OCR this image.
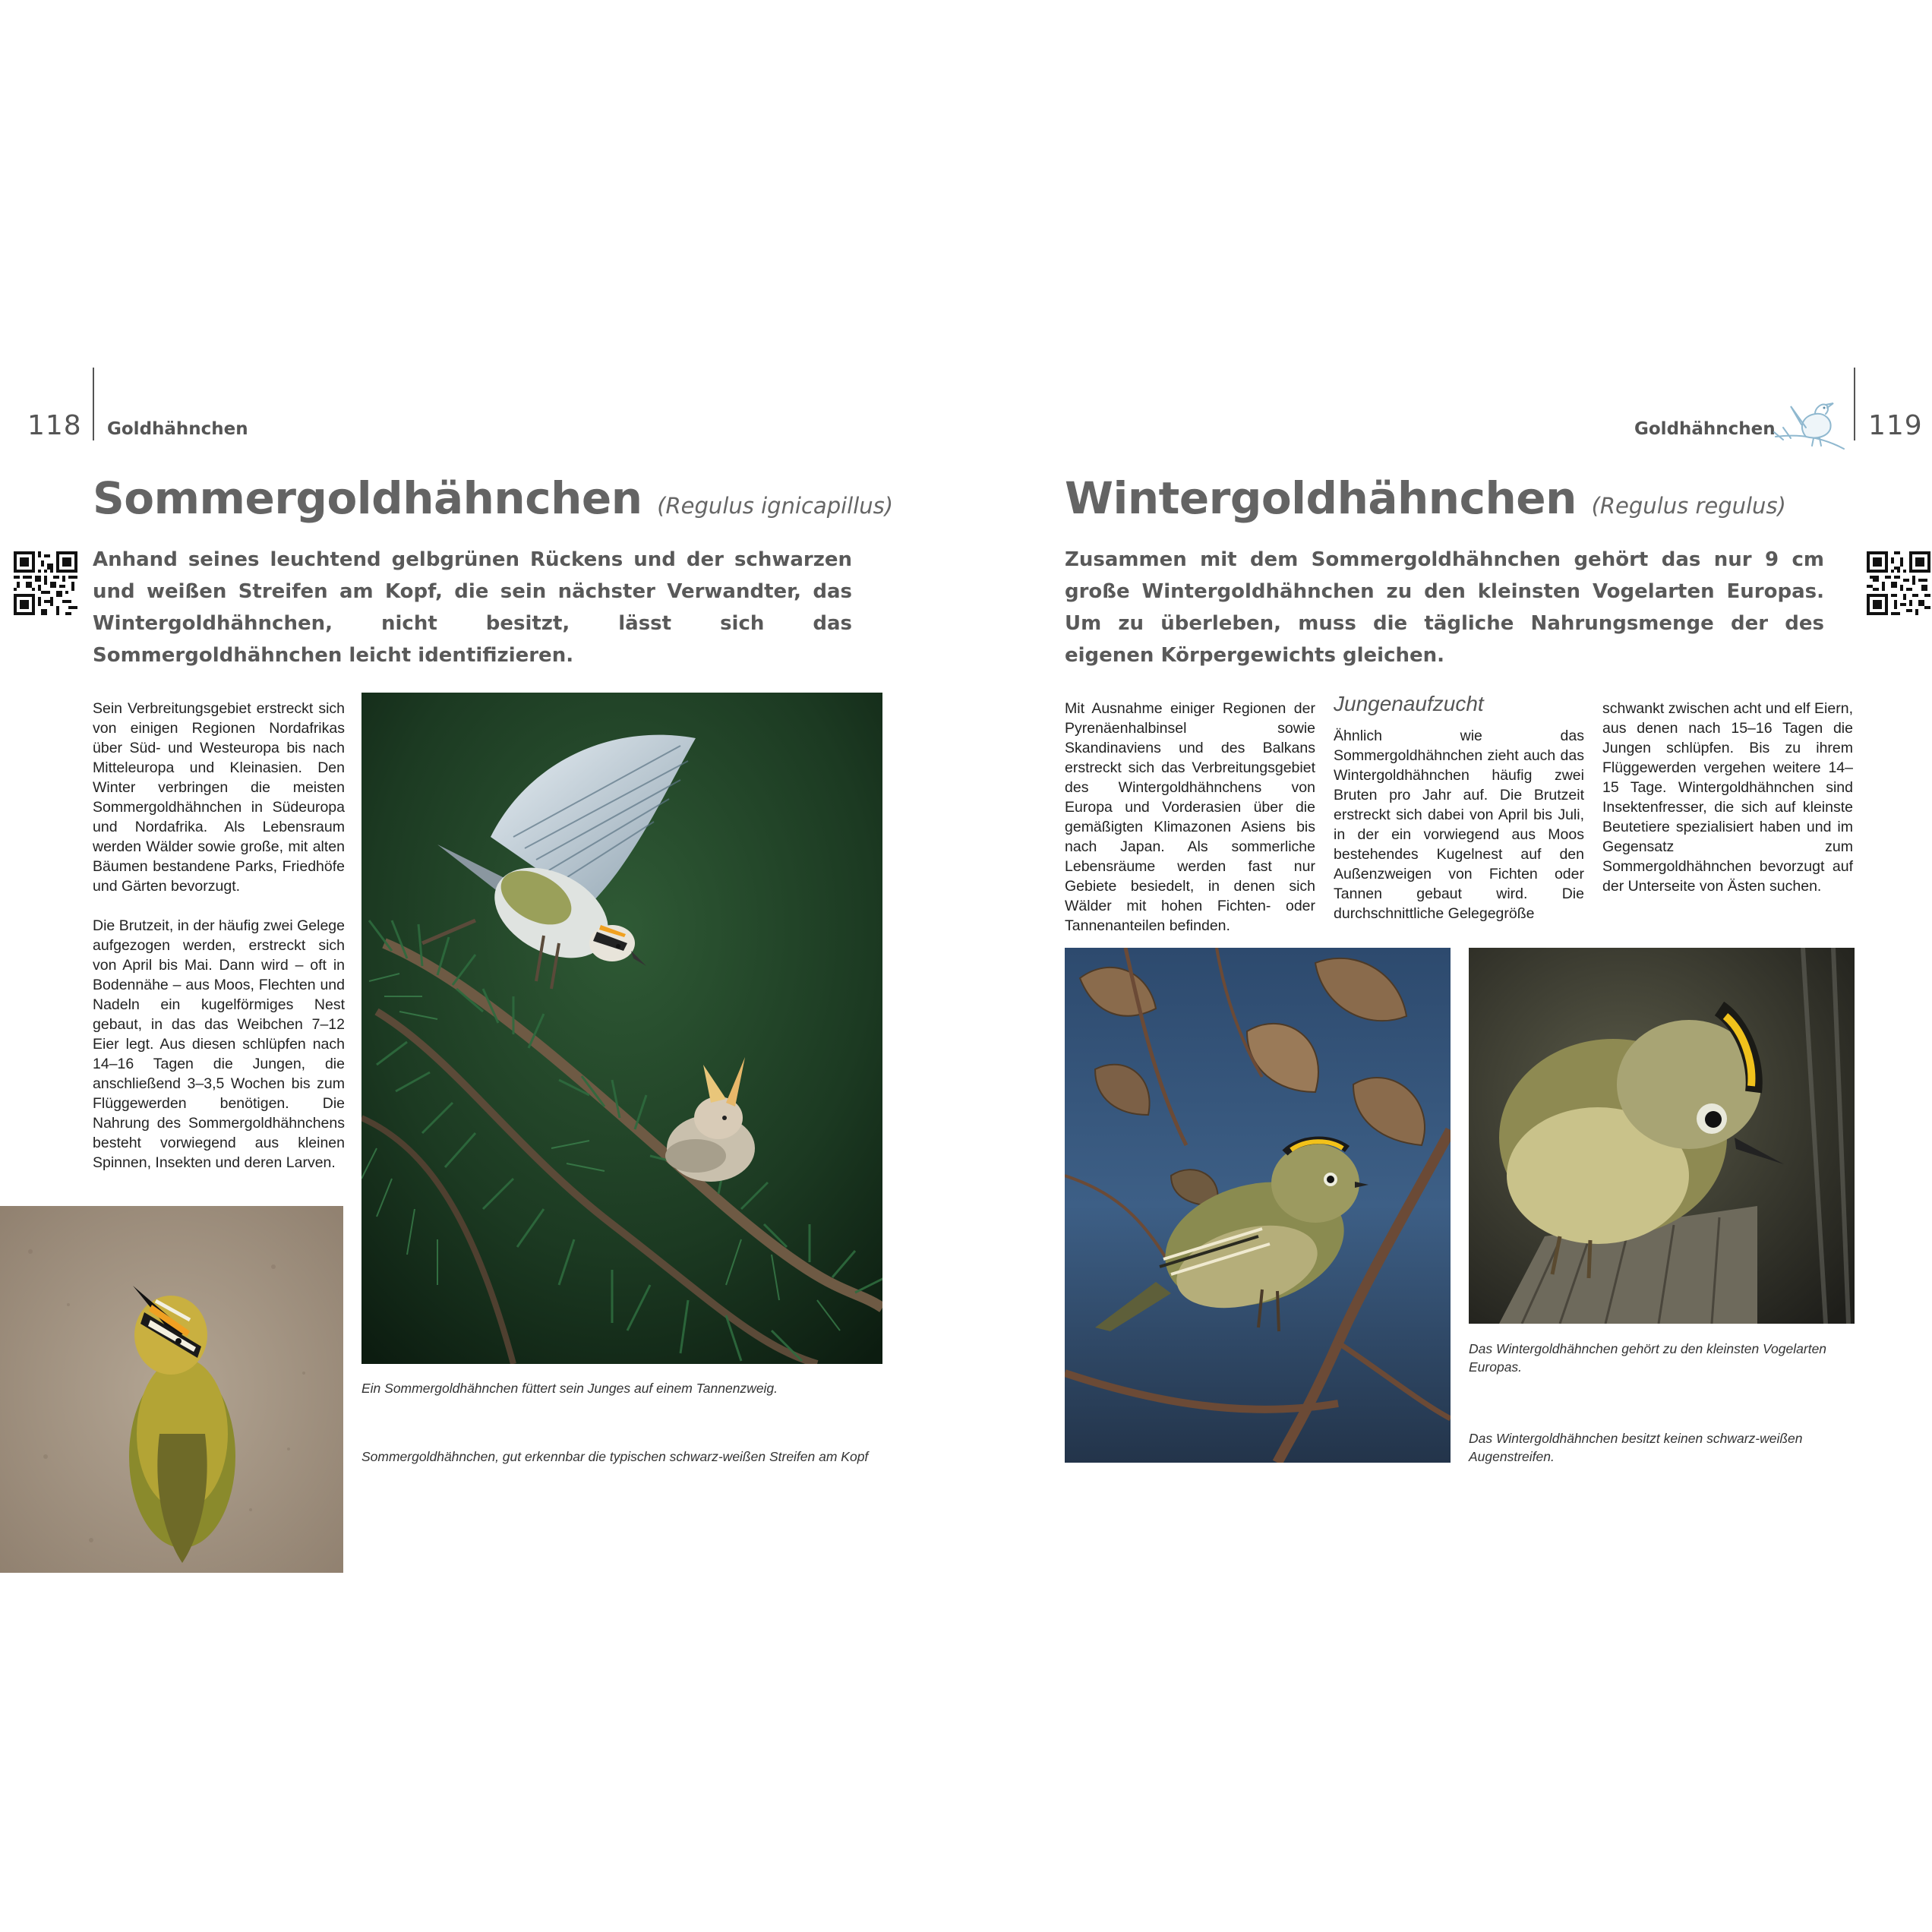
118 Goldhähnchen
Sommergoldhähnchen (Regulus ignicapillus)
Anhand seines leuchtend gelbgrünen Rückens und der schwarzen und weißen Streifen am Kopf, die sein nächster Verwandter, das Wintergoldhähnchen, nicht besitzt, lässt sich das Sommergoldhähnchen leicht identifizieren.

Sein Verbreitungsgebiet erstreckt sich von einigen Regionen Nordafrikas über Süd- und Westeuropa bis nach Mitteleuropa und Kleinasien. Den Winter verbringen die meisten Sommergoldhähnchen in Südeuropa und Nordafrika. Als Lebensraum werden Wälder sowie große, mit alten Bäumen bestandene Parks, Friedhöfe und Gärten bevorzugt.

Die Brutzeit, in der häufig zwei Gelege aufgezogen werden, erstreckt sich von April bis Mai. Dann wird – oft in Bodennähe – aus Moos, Flechten und Nadeln ein kugelförmiges Nest gebaut, in das das Weibchen 7–12 Eier legt. Aus diesen schlüpfen nach 14–16 Tagen die Jungen, die anschließend 3–3,5 Wochen bis zum Flüggewerden benötigen. Die Nahrung des Sommergoldhähnchens besteht vorwiegend aus kleinen Spinnen, Insekten und deren Larven.

Ein Sommergoldhähnchen füttert sein Junges auf einem Tannenzweig.
Sommergoldhähnchen, gut erkennbar die typischen schwarz-weißen Streifen am Kopf
Goldhähnchen	119
Wintergoldhähnchen (Regulus regulus)
Zusammen mit dem Sommergoldhähnchen gehört das nur 9 cm große Wintergoldhähnchen zu den kleinsten Vogelarten Europas. Um zu überleben, muss die tägliche Nahrungsmenge der des eigenen Körpergewichts gleichen.
Mit Ausnahme einiger Regionen der Pyrenäenhalbinsel sowie Skandinaviens und des Balkans erstreckt sich das Verbreitungsgebiet des Wintergoldhähnchens von Europa und Vorderasien über die gemäßigten Klimazonen Asiens bis nach Japan. Als sommerliche Lebensräume werden fast nur Gebiete besiedelt, in denen sich Wälder mit hohen Fichten- oder Tannenanteilen befinden.
Jungenaufzucht
Ähnlich wie das Sommergoldhähnchen zieht auch das Wintergoldhähnchen häufig zwei Bruten pro Jahr auf. Die Brutzeit erstreckt sich dabei von April bis Juli, in der ein vorwiegend aus Moos bestehendes Kugelnest auf den Außenzweigen von Fichten oder Tannen gebaut wird. Die durchschnittliche Gelegegröße
schwankt zwischen acht und elf Eiern, aus denen nach 15–16 Tagen die Jungen schlüpfen. Bis zu ihrem Flüggewerden vergehen weitere 14–15 Tage. Wintergoldhähnchen sind Insektenfresser, die sich auf kleinste Beutetiere spezialisiert haben und im Gegensatz zum Sommergoldhähnchen bevorzugt auf der Unterseite von Ästen suchen.
Das Wintergoldhähnchen gehört zu den kleinsten Vogelarten Europas.
Das Wintergoldhähnchen besitzt keinen schwarz-weißen Augenstreifen.
